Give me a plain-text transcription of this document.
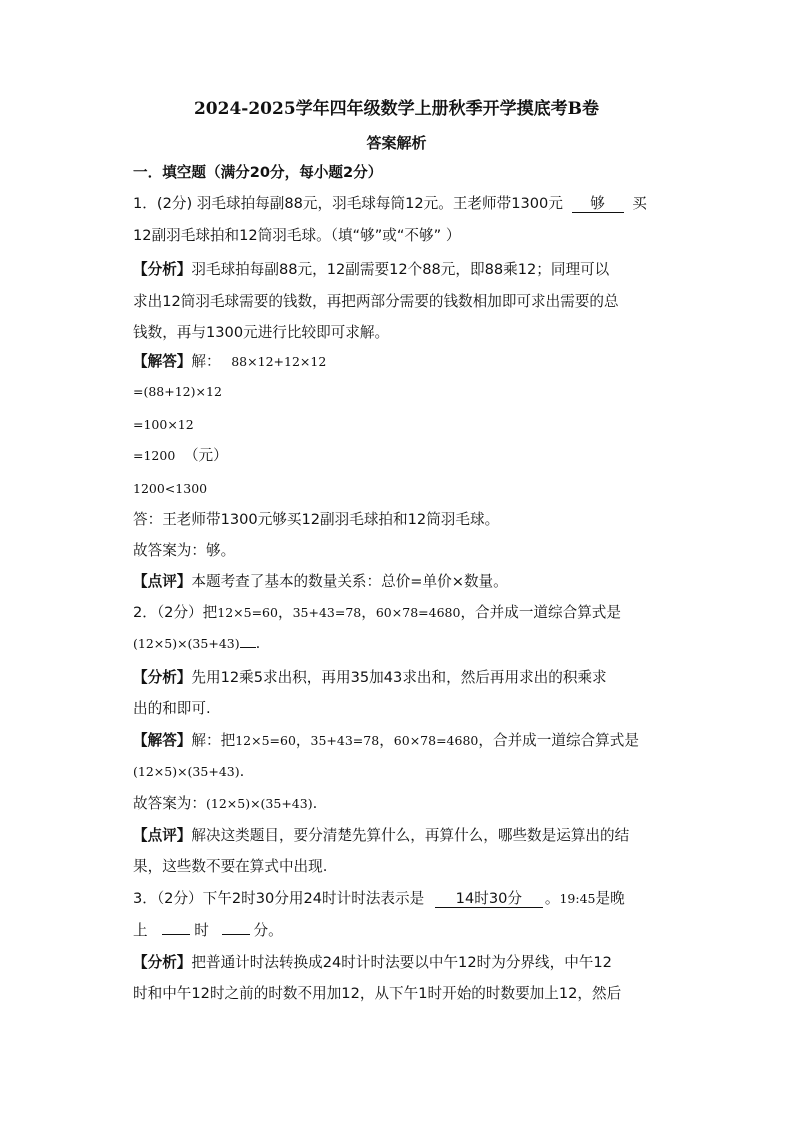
2024-2025学年四年级数学上册秋季开学摸底考B卷
答案解析
一．填空题（满分20分，每小题2分）
1．(2分) 羽毛球拍每副88元，羽毛球每筒12元。王老师带1300元 够 买
12副羽毛球拍和12筒羽毛球。（填“够”或“不够” ）
【分析】羽毛球拍每副88元，12副需要12个88元，即88乘12；同理可以
求出12筒羽毛球需要的钱数，再把两部分需要的钱数相加即可求出需要的总
钱数，再与1300元进行比较即可求解。
【解答】解： 88×12+12×12
=(88+12)×12
=100×12
=1200 （元）
1200<1300
答：王老师带1300元够买12副羽毛球拍和12筒羽毛球。
故答案为：够。
【点评】本题考查了基本的数量关系：总价=单价×数量。
2．（2分）把12×5=60，35+43=78，60×78=4680，合并成一道综合算式是
(12×5)×(35+43) .
【分析】先用12乘5求出积，再用35加43求出和，然后再用求出的积乘求
出的和即可.
【解答】解：把12×5=60，35+43=78，60×78=4680，合并成一道综合算式是
(12×5)×(35+43).
故答案为：(12×5)×(35+43).
【点评】解决这类题目，要分清楚先算什么，再算什么，哪些数是运算出的结
果，这些数不要在算式中出现.
3．（2分）下午2时30分用24时计时法表示是 14时30分 。19:45是晚
上	时	分。
【分析】把普通计时法转换成24时计时法要以中午12时为分界线，中午12
时和中午12时之前的时数不用加12，从下午1时开始的时数要加上12，然后
